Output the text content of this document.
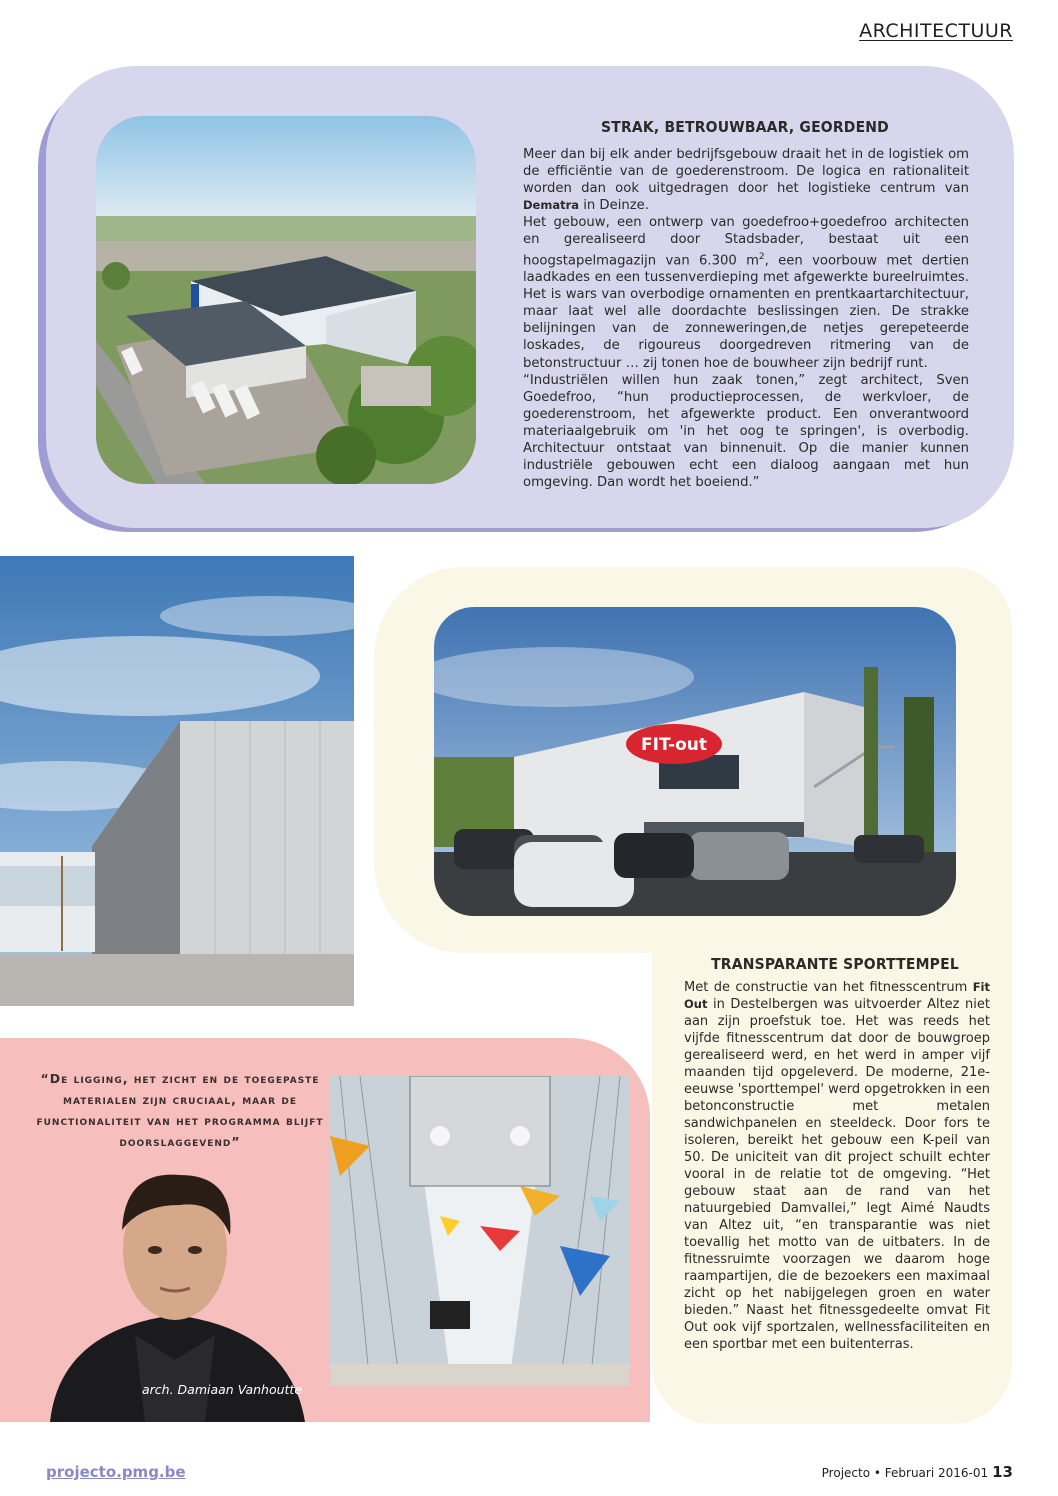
ARCHITECTUUR
STRAK, BETROUWBAAR, GEORDEND

Meer dan bij elk ander bedrijfsgebouw draait het in de logistiek om de efficiëntie van de goederenstroom. De logica en rationaliteit worden dan ook uitgedragen door het logistieke centrum van Dematra in Deinze.

Het gebouw, een ontwerp van goedefroo+goedefroo architecten en gerealiseerd door Stadsbader, bestaat uit een hoogstapelmagazijn van 6.300 $m^2$, een voorbouw met dertien laadkades en een tussenverdieping met afgewerkte bureelruimtes. Het is wars van overbodige ornamenten en prentkaartarchitectuur, maar laat wel alle doordachte beslissingen zien. De strakke belijningen van de zonneweringen,de netjes gerepeteerde loskades, de rigoureus doorgedreven ritmering van de betonstructuur … zij tonen hoe de bouwheer zijn bedrijf runt.

“Industriëlen willen hun zaak tonen,” zegt architect, Sven Goedefroo, “hun productieprocessen, de werkvloer, de goederenstroom, het afgewerkte product. Een onverantwoord materiaalgebruik om 'in het oog te springen', is overbodig. Architectuur ontstaat van binnenuit. Op die manier kunnen industriële gebouwen echt een dialoog aangaan met hun omgeving. Dan wordt het boeiend.”

FIT-out
TRANSPARANTE SPORTTEMPEL

Met de constructie van het fitnesscentrum Fit Out in Destelbergen was uitvoerder Altez niet aan zijn proefstuk toe. Het was reeds het vijfde fitnesscentrum dat door de bouwgroep gerealiseerd werd, en het werd in amper vijf maanden tijd opgeleverd. De moderne, 21e-eeuwse 'sporttempel' werd opgetrokken in een betonconstructie met metalen sandwichpanelen en steeldeck. Door fors te isoleren, bereikt het gebouw een K-peil van 50. De uniciteit van dit project schuilt echter vooral in de relatie tot de omgeving. “Het gebouw staat aan de rand van het natuurgebied Damvallei,” legt Aimé Naudts van Altez uit, “en transparantie was niet toevallig het motto van de uitbaters. In de fitnessruimte voorzagen we daarom hoge raampartijen, die de bezoekers een maximaal zicht op het nabijgelegen groen en water bieden.” Naast het fitnessgedeelte omvat Fit Out ook vijf sportzalen, wellnessfaciliteiten en een sportbar met een buitenterras.

“De ligging, het zicht en de toegepaste materialen zijn cruciaal, maar de functionaliteit van het programma blijft doorslaggevend”
arch. Damiaan Vanhoutte
projecto.pmg.be	Projecto • Februari 2016-01 13
